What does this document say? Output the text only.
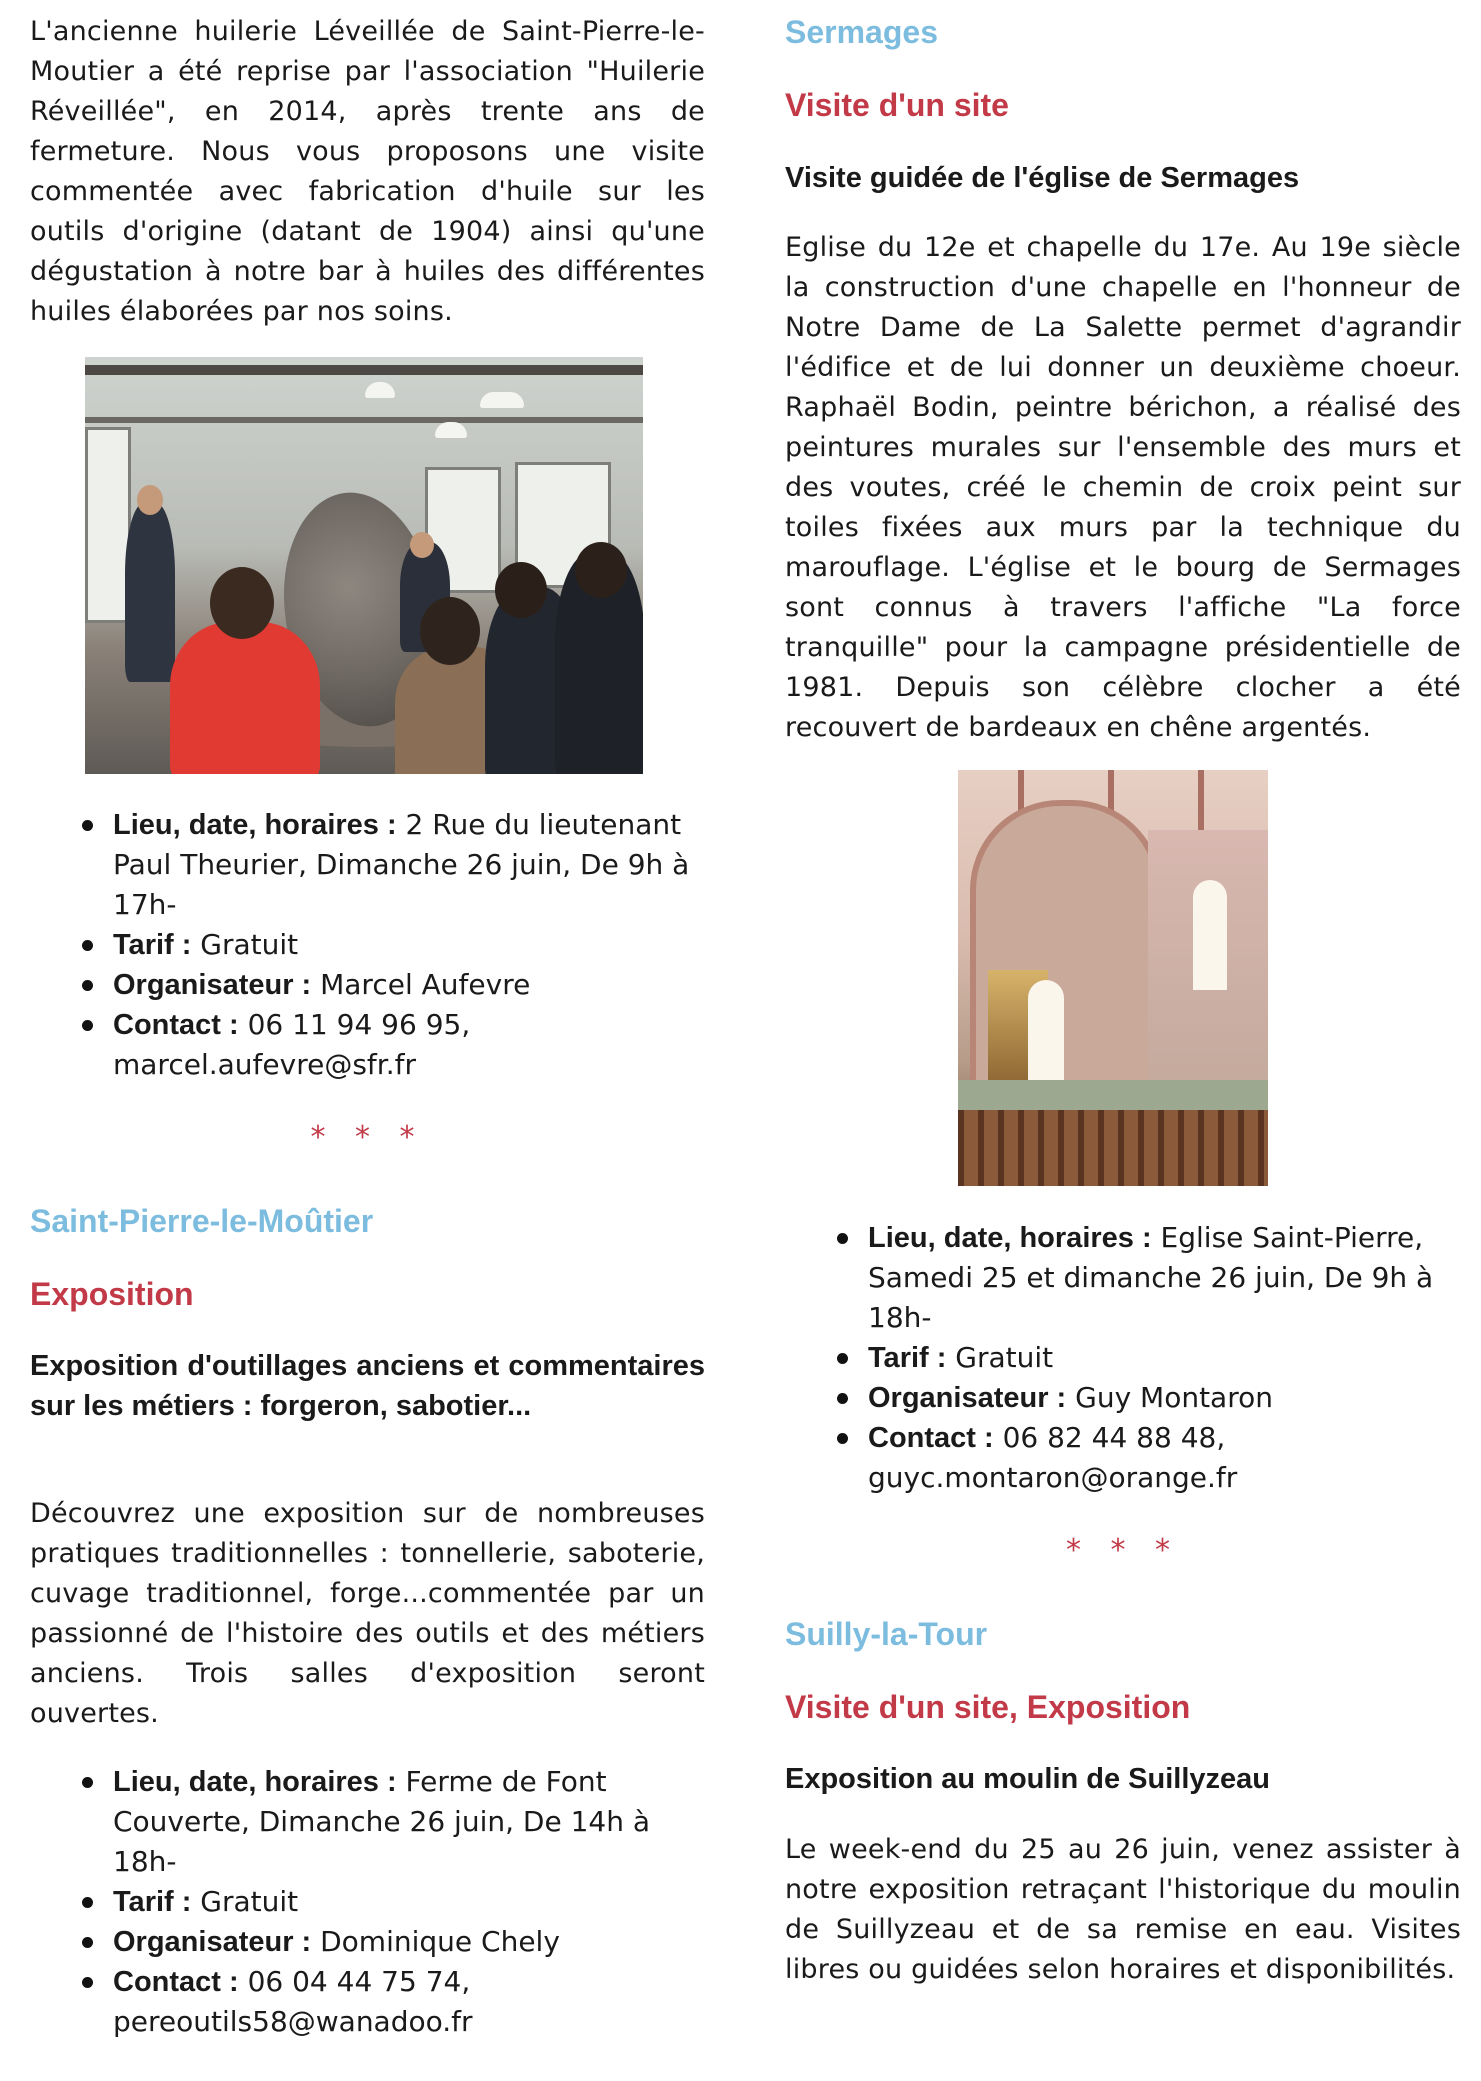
L'ancienne huilerie Léveillée de Saint-Pierre-le-Moutier a été reprise par l'association "Huilerie Réveillée", en 2014, après trente ans de fermeture. Nous vous proposons une visite commentée avec fabrication d'huile sur les outils d'origine (datant de 1904) ainsi qu'une dégustation à notre bar à huiles des différentes huiles élaborées par nos soins.

Lieu, date, horaires : 2 Rue du lieutenant Paul Theurier, Dimanche 26 juin, De 9h à 17h-
Tarif : Gratuit
Organisateur : Marcel Aufevre
Contact : 06 11 94 96 95, marcel.aufevre@sfr.fr

* * *

Saint-Pierre-le-Moûtier
Exposition
Exposition d'outillages anciens et commentaires sur les métiers : forgeron, sabotier...

Découvrez une exposition sur de nombreuses pratiques traditionnelles : tonnellerie, saboterie, cuvage traditionnel, forge...commentée par un passionné de l'histoire des outils et des métiers anciens. Trois salles d'exposition seront ouvertes.

Lieu, date, horaires : Ferme de Font Couverte, Dimanche 26 juin, De 14h à 18h-
Tarif : Gratuit
Organisateur : Dominique Chely
Contact : 06 04 44 75 74, pereoutils58@wanadoo.fr
Sermages
Visite d'un site
Visite guidée de l'église de Sermages

Eglise du 12e et chapelle du 17e. Au 19e siècle la construction d'une chapelle en l'honneur de Notre Dame de La Salette permet d'agrandir l'édifice et de lui donner un deuxième choeur. Raphaël Bodin, peintre bérichon, a réalisé des peintures murales sur l'ensemble des murs et des voutes, créé le chemin de croix peint sur toiles fixées aux murs par la technique du marouflage. L'église et le bourg de Sermages sont connus à travers l'affiche "La force tranquille" pour la campagne présidentielle de 1981. Depuis son célèbre clocher a été recouvert de bardeaux en chêne argentés.

Lieu, date, horaires : Eglise Saint-Pierre, Samedi 25 et dimanche 26 juin, De 9h à 18h-
Tarif : Gratuit
Organisateur : Guy Montaron
Contact : 06 82 44 88 48, guyc.montaron@orange.fr

* * *

Suilly-la-Tour
Visite d'un site, Exposition
Exposition au moulin de Suillyzeau

Le week-end du 25 au 26 juin, venez assister à notre exposition retraçant l'historique du moulin de Suillyzeau et de sa remise en eau. Visites libres ou guidées selon horaires et disponibilités.
